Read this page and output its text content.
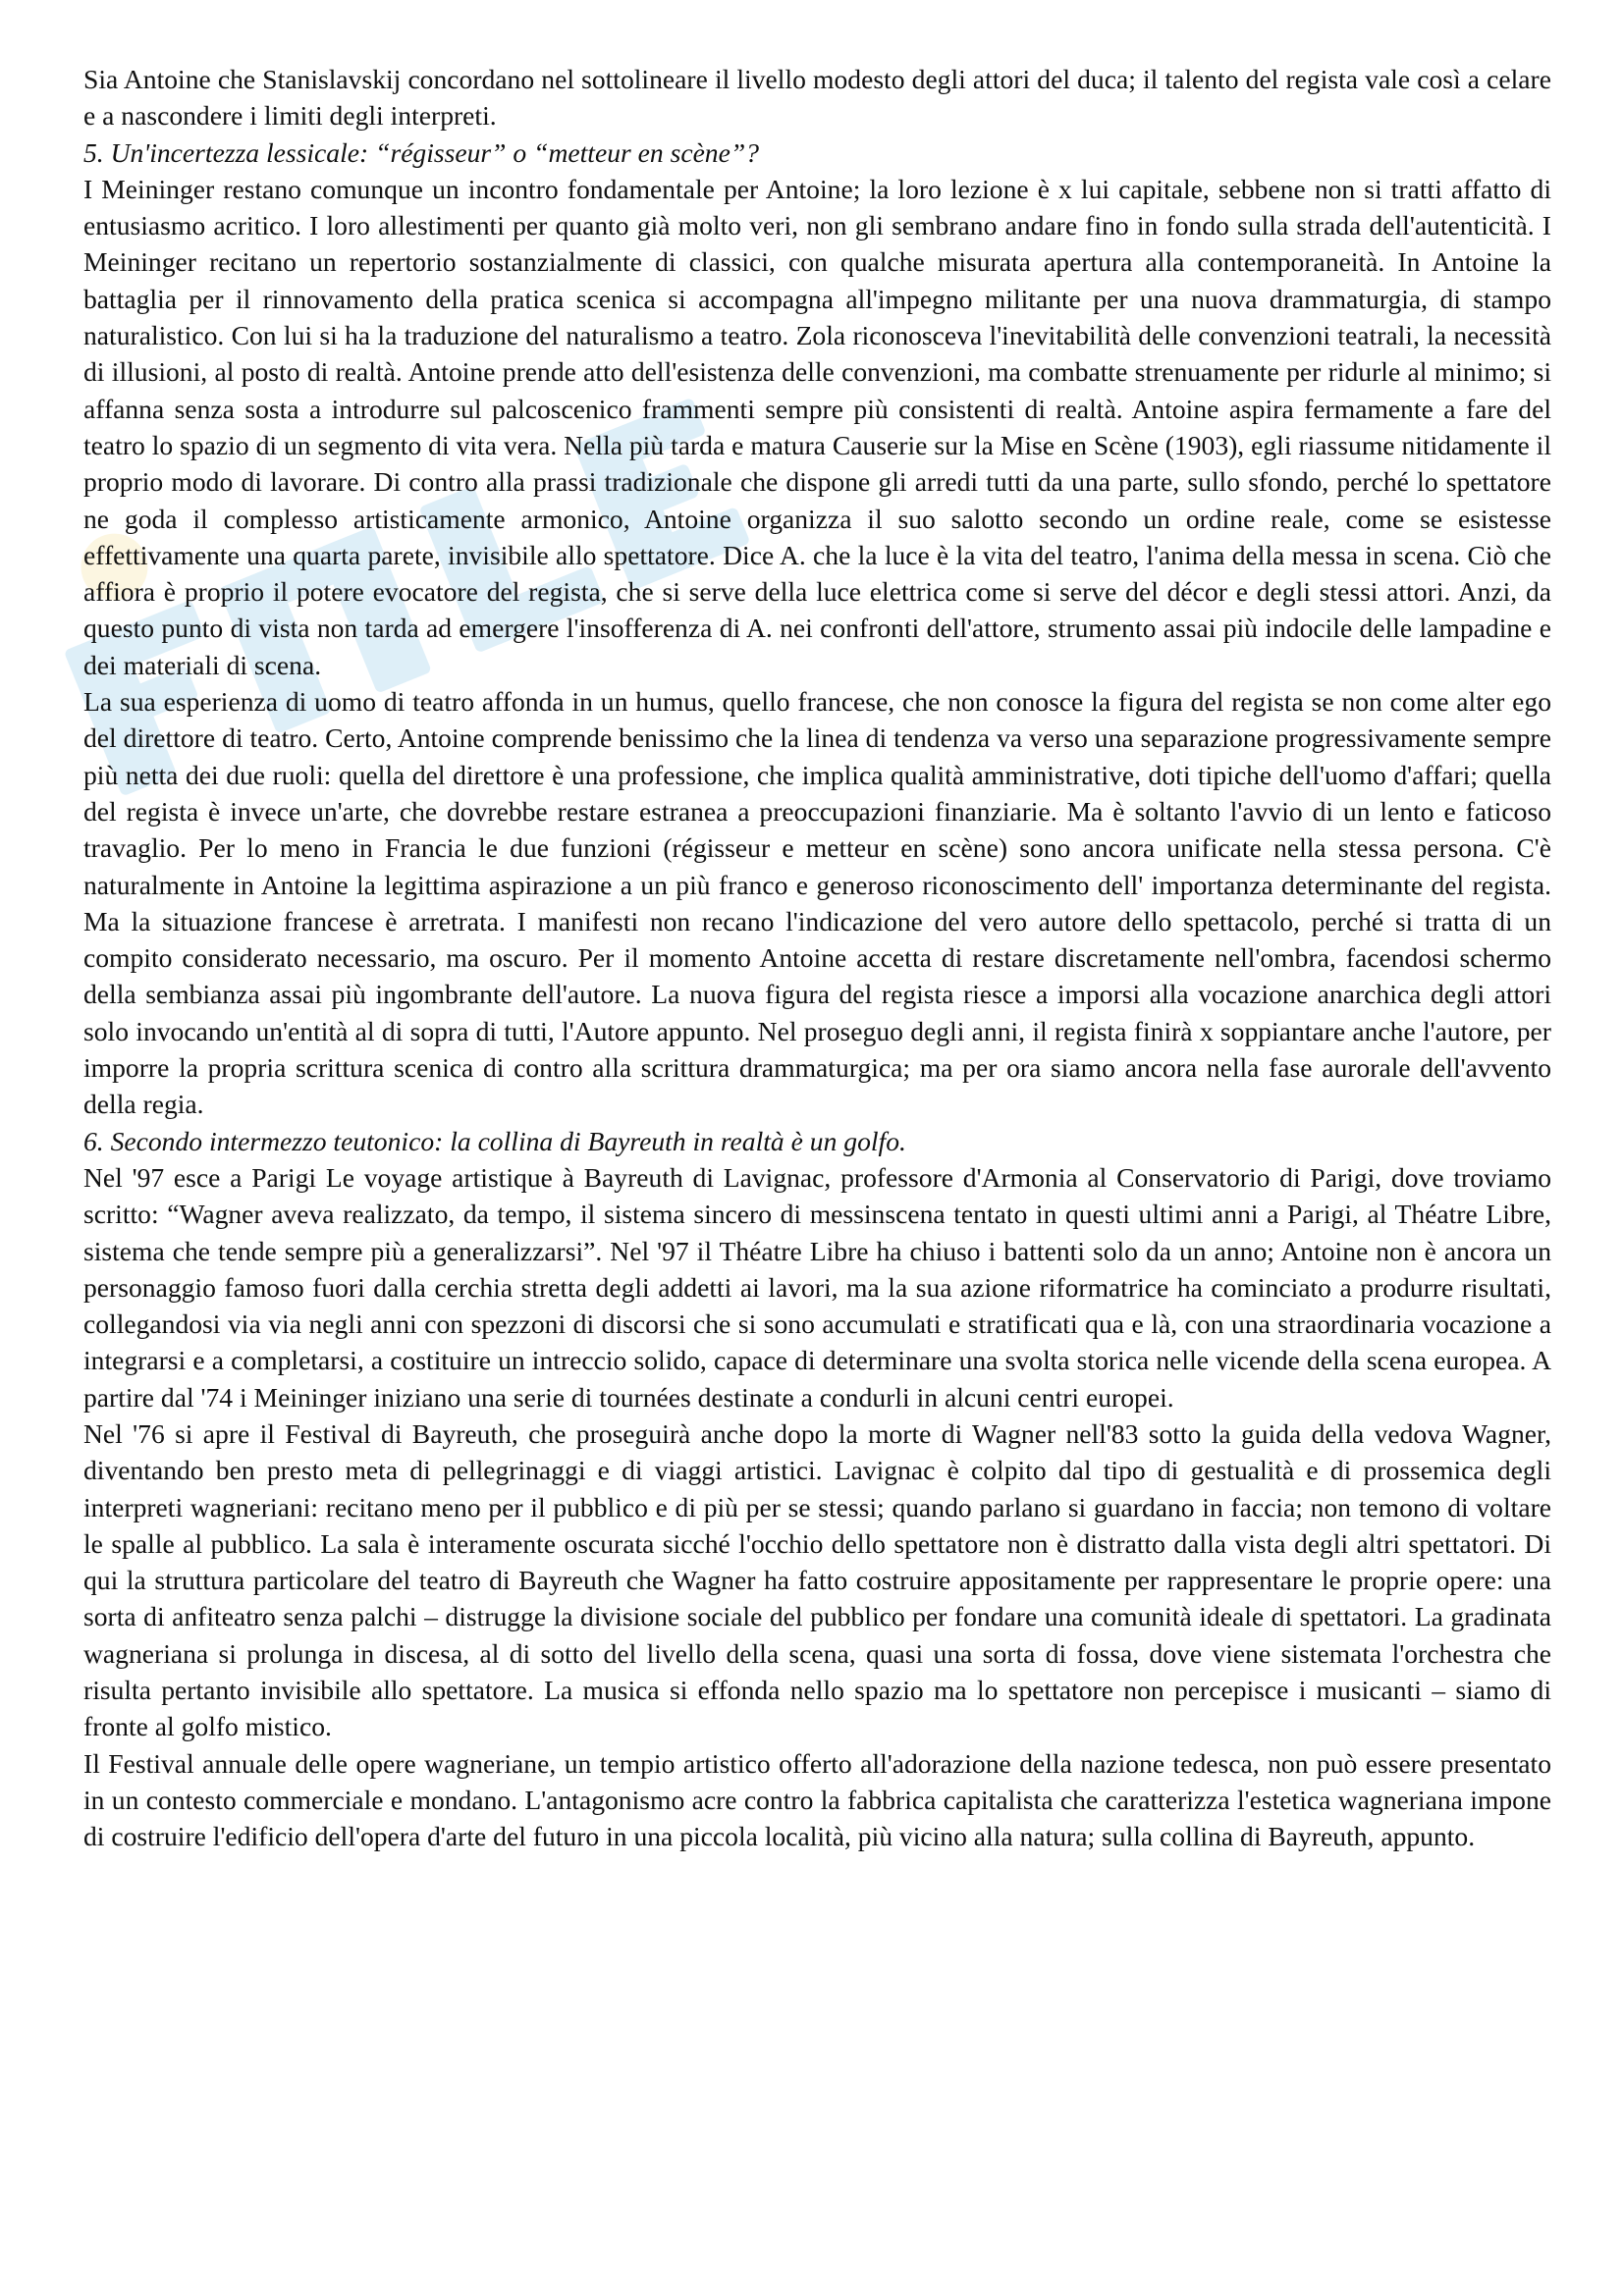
Sia Antoine che Stanislavskij concordano nel sottolineare il livello modesto degli attori del duca; il talento del regista vale così a celare e a nascondere i limiti degli interpreti.

5. Un'incertezza lessicale: “régisseur” o “metteur en scène”?

I Meininger restano comunque un incontro fondamentale per Antoine; la loro lezione è x lui capitale, sebbene non si tratti affatto di entusiasmo acritico. I loro allestimenti per quanto già molto veri, non gli sembrano andare fino in fondo sulla strada dell'autenticità. I Meininger recitano un repertorio sostanzialmente di classici, con qualche misurata apertura alla contemporaneità. In Antoine la battaglia per il rinnovamento della pratica scenica si accompagna all'impegno militante per una nuova drammaturgia, di stampo naturalistico. Con lui si ha la traduzione del naturalismo a teatro. Zola riconosceva l'inevitabilità delle convenzioni teatrali, la necessità di illusioni, al posto di realtà. Antoine prende atto dell'esistenza delle convenzioni, ma combatte strenuamente per ridurle al minimo; si affanna senza sosta a introdurre sul palcoscenico frammenti sempre più consistenti di realtà. Antoine aspira fermamente a fare del teatro lo spazio di un segmento di vita vera. Nella più tarda e matura Causerie sur la Mise en Scène (1903), egli riassume nitidamente il proprio modo di lavorare. Di contro alla prassi tradizionale che dispone gli arredi tutti da una parte, sullo sfondo, perché lo spettatore ne goda il complesso artisticamente armonico, Antoine organizza il suo salotto secondo un ordine reale, come se esistesse effettivamente una quarta parete, invisibile allo spettatore. Dice A. che la luce è la vita del teatro, l'anima della messa in scena. Ciò che affiora è proprio il potere evocatore del regista, che si serve della luce elettrica come si serve del décor e degli stessi attori. Anzi, da questo punto di vista non tarda ad emergere l'insofferenza di A. nei confronti dell'attore, strumento assai più indocile delle lampadine e dei materiali di scena.

La sua esperienza di uomo di teatro affonda in un humus, quello francese, che non conosce la figura del regista se non come alter ego del direttore di teatro. Certo, Antoine comprende benissimo che la linea di tendenza va verso una separazione progressivamente sempre più netta dei due ruoli: quella del direttore è una professione, che implica qualità amministrative, doti tipiche dell'uomo d'affari; quella del regista è invece un'arte, che dovrebbe restare estranea a preoccupazioni finanziarie. Ma è soltanto l'avvio di un lento e faticoso travaglio. Per lo meno in Francia le due funzioni (régisseur e metteur en scène) sono ancora unificate nella stessa persona. C'è naturalmente in Antoine la legittima aspirazione a un più franco e generoso riconoscimento dell' importanza determinante del regista. Ma la situazione francese è arretrata. I manifesti non recano l'indicazione del vero autore dello spettacolo, perché si tratta di un compito considerato necessario, ma oscuro. Per il momento Antoine accetta di restare discretamente nell'ombra, facendosi schermo della sembianza assai più ingombrante dell'autore. La nuova figura del regista riesce a imporsi alla vocazione anarchica degli attori solo invocando un'entità al di sopra di tutti, l'Autore appunto. Nel proseguo degli anni, il regista finirà x soppiantare anche l'autore, per imporre la propria scrittura scenica di contro alla scrittura drammaturgica; ma per ora siamo ancora nella fase aurorale dell'avvento della regia.

6. Secondo intermezzo teutonico: la collina di Bayreuth in realtà è un golfo.

Nel '97 esce a Parigi Le voyage artistique à Bayreuth di Lavignac, professore d'Armonia al Conservatorio di Parigi, dove troviamo scritto: “Wagner aveva realizzato, da tempo, il sistema sincero di messinscena tentato in questi ultimi anni a Parigi, al Théatre Libre, sistema che tende sempre più a generalizzarsi”. Nel '97 il Théatre Libre ha chiuso i battenti solo da un anno; Antoine non è ancora un personaggio famoso fuori dalla cerchia stretta degli addetti ai lavori, ma la sua azione riformatrice ha cominciato a produrre risultati, collegandosi via via negli anni con spezzoni di discorsi che si sono accumulati e stratificati qua e là, con una straordinaria vocazione a integrarsi e a completarsi, a costituire un intreccio solido, capace di determinare una svolta storica nelle vicende della scena europea. A partire dal '74 i Meininger iniziano una serie di tournées destinate a condurli in alcuni centri europei.

Nel '76 si apre il Festival di Bayreuth, che proseguirà anche dopo la morte di Wagner nell'83 sotto la guida della vedova Wagner, diventando ben presto meta di pellegrinaggi e di viaggi artistici. Lavignac è colpito dal tipo di gestualità e di prossemica degli interpreti wagneriani: recitano meno per il pubblico e di più per se stessi; quando parlano si guardano in faccia; non temono di voltare le spalle al pubblico. La sala è interamente oscurata sicché l'occhio dello spettatore non è distratto dalla vista degli altri spettatori. Di qui la struttura particolare del teatro di Bayreuth che Wagner ha fatto costruire appositamente per rappresentare le proprie opere: una sorta di anfiteatro senza palchi – distrugge la divisione sociale del pubblico per fondare una comunità ideale di spettatori. La gradinata wagneriana si prolunga in discesa, al di sotto del livello della scena, quasi una sorta di fossa, dove viene sistemata l'orchestra che risulta pertanto invisibile allo spettatore. La musica si effonda nello spazio ma lo spettatore non percepisce i musicanti – siamo di fronte al golfo mistico.

Il Festival annuale delle opere wagneriane, un tempio artistico offerto all'adorazione della nazione tedesca, non può essere presentato in un contesto commerciale e mondano. L'antagonismo acre contro la fabbrica capitalista che caratterizza l'estetica wagneriana impone di costruire l'edificio dell'opera d'arte del futuro in una piccola località, più vicino alla natura; sulla collina di Bayreuth, appunto.
